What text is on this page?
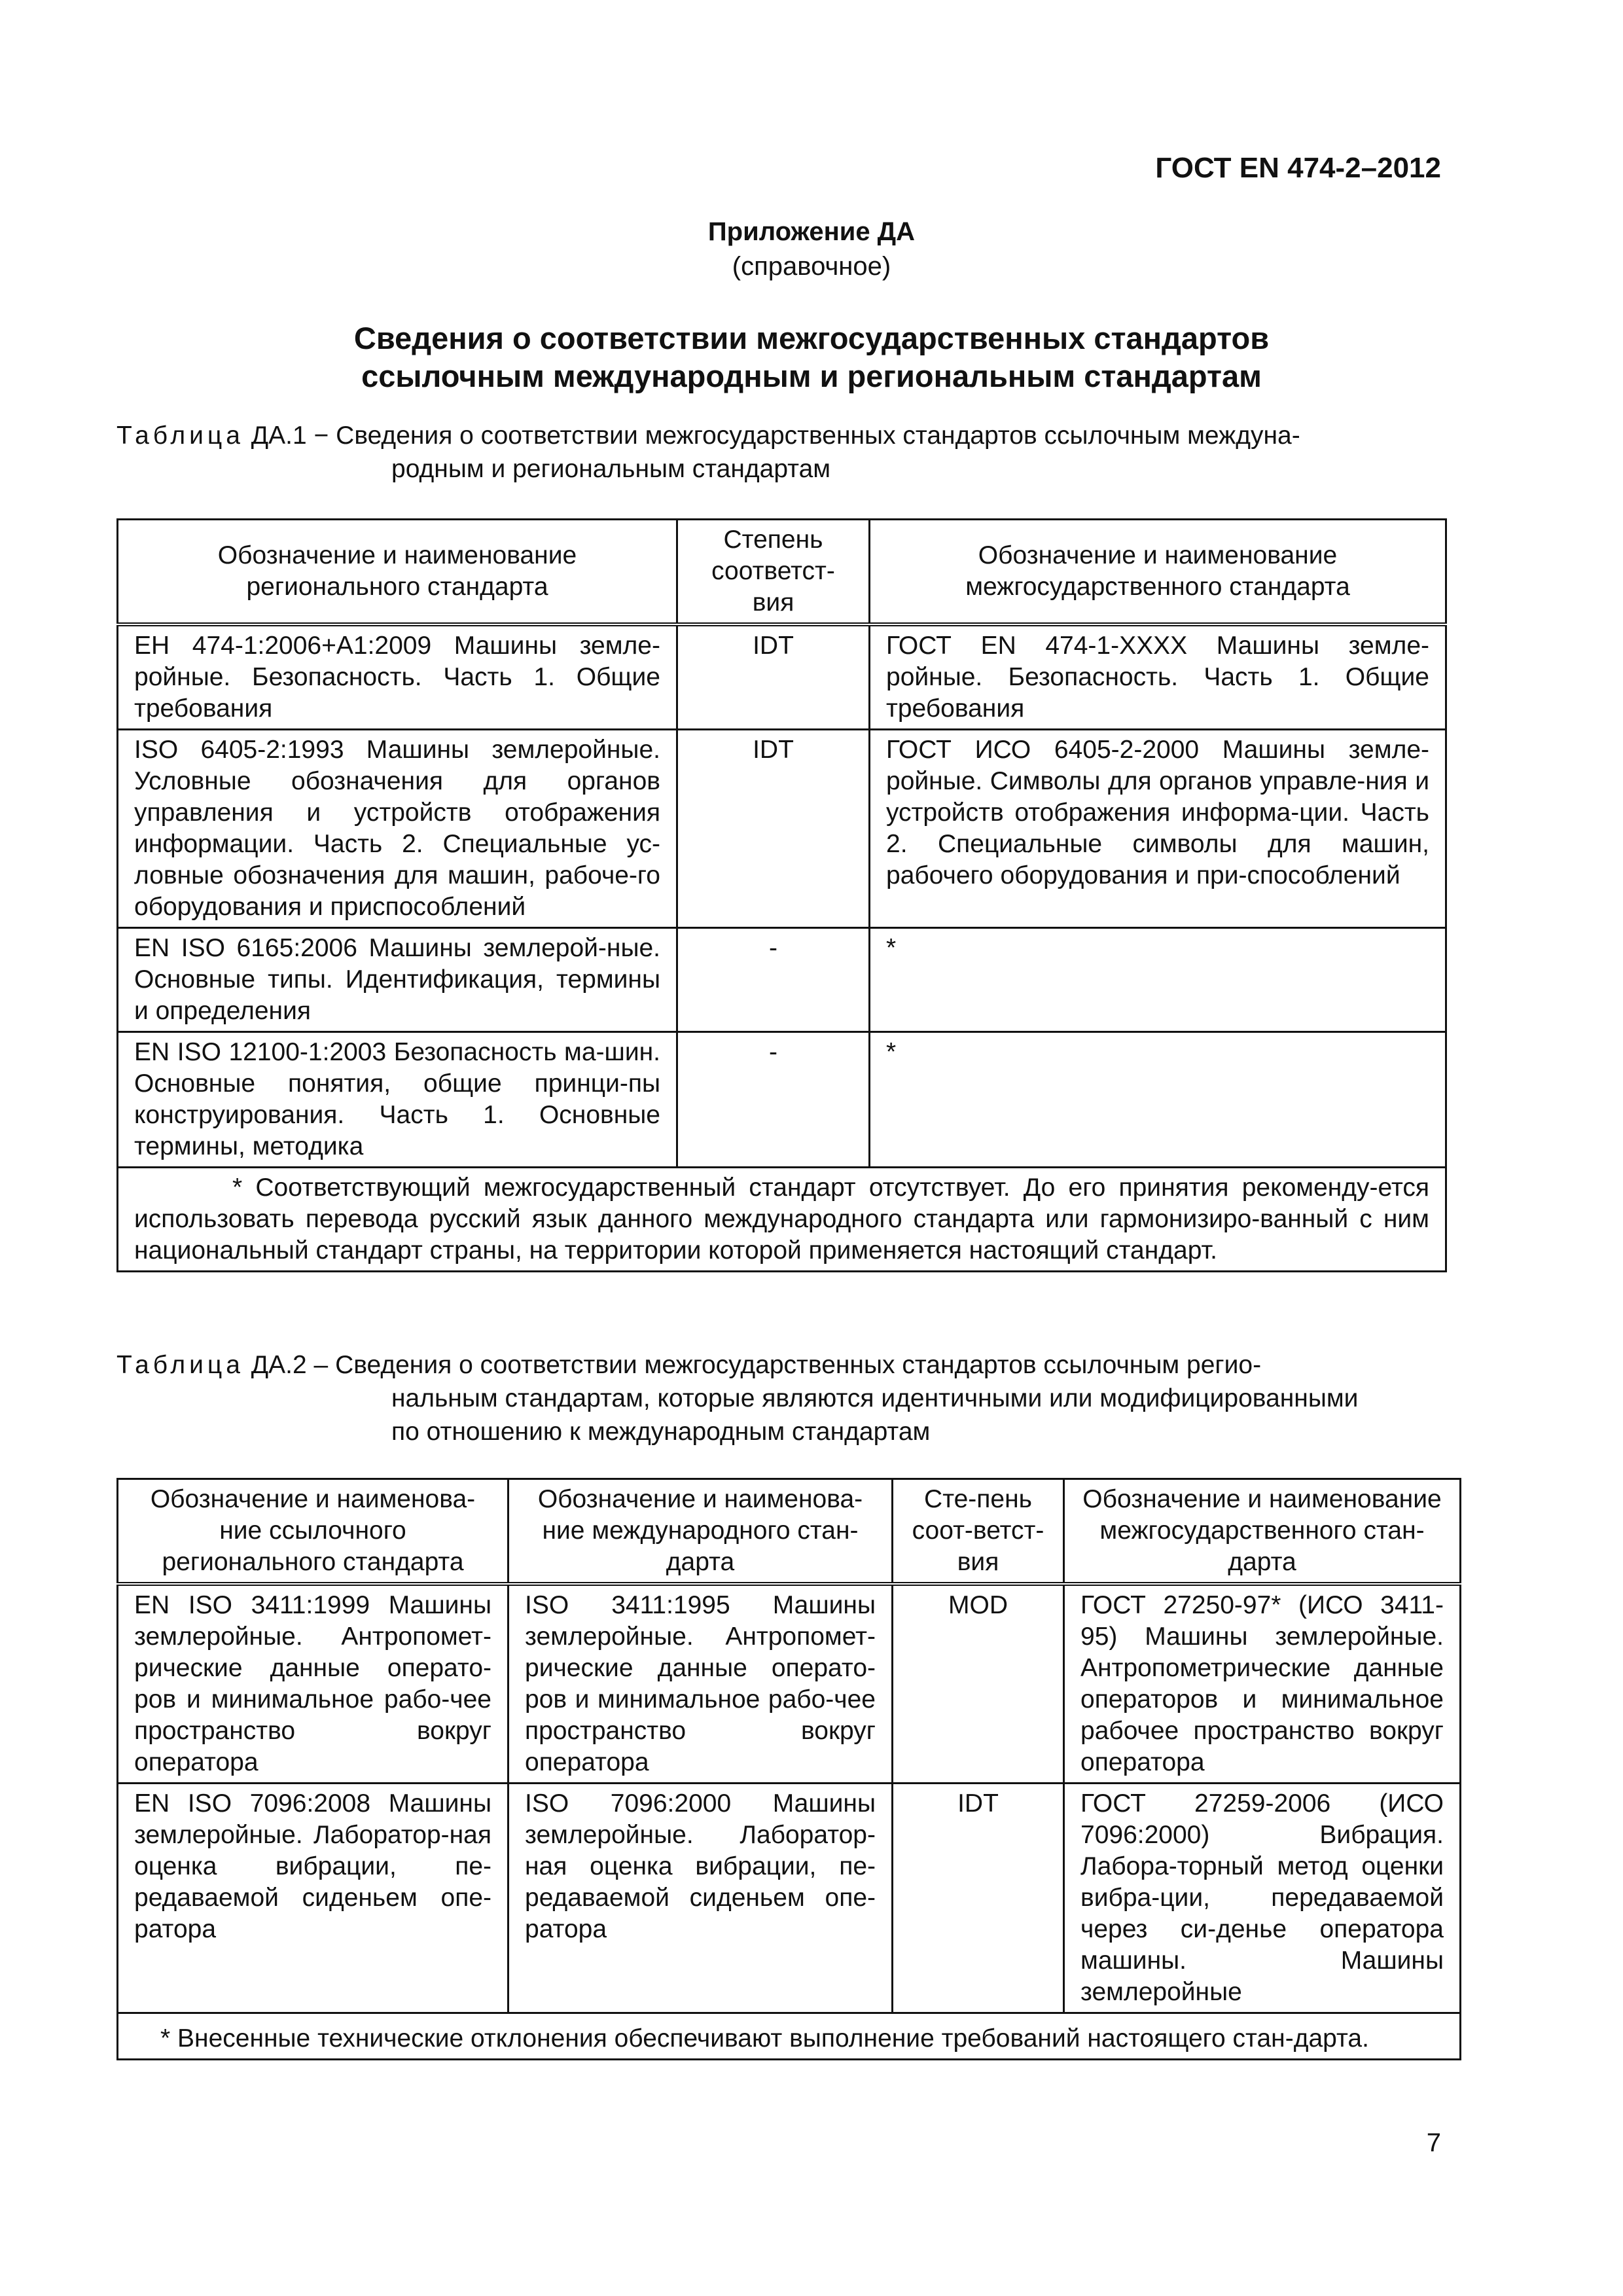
ГОСТ EN 474-2–2012
Приложение ДА
(справочное)
Сведения о соответствии межгосударственных стандартов
ссылочным международным и региональным стандартам
Таблица ДА.1 − Сведения о соответствии межгосударственных стандартов ссылочным междуна-
родным и региональным стандартам
Обозначение и наименование регионального стандарта	Степень соответст-вия	Обозначение и наименование межгосударственного стандарта
ЕН 474-1:2006+А1:2009 Машины земле-ройные. Безопасность. Часть 1. Общие требования	IDT	ГОСТ EN 474-1-ХХХХ Машины земле-ройные. Безопасность. Часть 1. Общие требования
ISO 6405-2:1993 Машины землеройные. Условные обозначения для органов управления и устройств отображения информации. Часть 2. Специальные ус-ловные обозначения для машин, рабоче-го оборудования и приспособлений	IDT	ГОСТ ИСО 6405-2-2000 Машины земле-ройные. Символы для органов управле-ния и устройств отображения информа-ции. Часть 2. Специальные символы для машин, рабочего оборудования и при-способлений
EN ISO 6165:2006 Машины землерой-ные. Основные типы. Идентификация, термины и определения	-	*
EN ISO 12100-1:2003 Безопасность ма-шин. Основные понятия, общие принци-пы конструирования. Часть 1. Основные термины, методика	-	*
* Соответствующий межгосударственный стандарт отсутствует. До его принятия рекоменду-ется использовать перевода русский язык данного международного стандарта или гармонизиро-ванный с ним национальный стандарт страны, на территории которой применяется настоящий стандарт.		
Таблица ДА.2 – Сведения о соответствии межгосударственных стандартов ссылочным регио-
нальным стандартам, которые являются идентичными или модифицированными
по отношению к международным стандартам
Обозначение и наименова-ние ссылочного регионального стандарта	Обозначение и наименова-ние международного стан-дарта	Сте-пень соот-ветст-вия	Обозначение и наименование межгосударственного стан-дарта
EN ISO 3411:1999 Машины землеройные. Антропомет-рические данные операто-ров и минимальное рабо-чее пространство вокруг оператора	ISO 3411:1995 Машины землеройные. Антропомет-рические данные операто-ров и минимальное рабо-чее пространство вокруг оператора	MOD	ГОСТ 27250-97* (ИСО 3411-95) Машины землеройные. Антропометрические данные операторов и минимальное рабочее пространство вокруг оператора
EN ISO 7096:2008 Машины землеройные. Лаборатор-ная оценка вибрации, пе-редаваемой сиденьем опе-ратора	ISO 7096:2000 Машины землеройные. Лаборатор-ная оценка вибрации, пе-редаваемой сиденьем опе-ратора	IDT	ГОСТ 27259-2006 (ИСО 7096:2000) Вибрация. Лабора-торный метод оценки вибра-ции, передаваемой через си-денье оператора машины. Машины землеройные
* Внесенные технические отклонения обеспечивают выполнение требований настоящего стан-дарта.			
7
